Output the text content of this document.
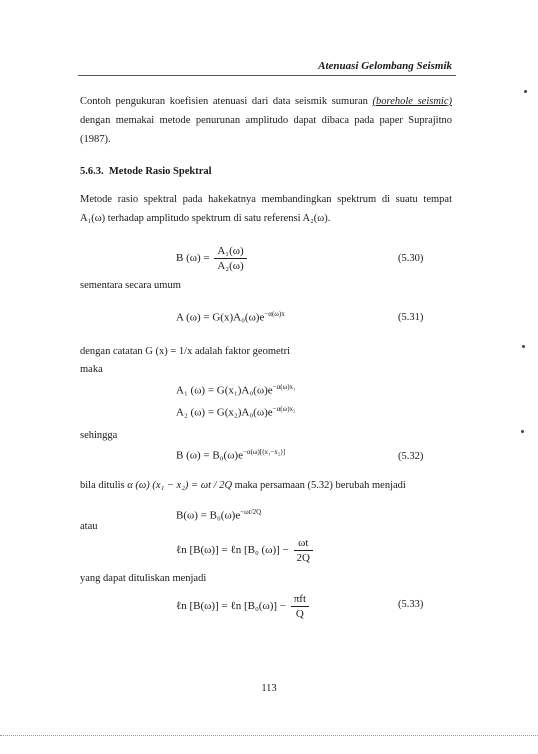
Atenuasi Gelombang Seismik
Contoh pengukuran koefisien atenuasi dari data seismik sumuran (borehole seismic) dengan memakai metode penurunan amplitudo dapat dibaca pada paper Suprajitno (1987).
5.6.3. Metode Rasio Spektral
Metode rasio spektral pada hakekatnya membandingkan spektrum di suatu tempat A₁(ω) terhadap amplitudo spektrum di satu referensi A₂(ω).
B $(\omega) = \frac{\text{A₁(ω)}}{\text{A₂(ω)}}$	(5.30)
sementara secara umum
A $(\omega) = G(x)A_0(\omega)e^{-\alpha(\omega)x}$	(5.31)
dengan catatan G (x) = 1/x adalah faktor geometri
maka
A₁ $(\omega) = G(x_1)A_0(\omega)e^{-\alpha(\omega)x_1}$
A₂ $(\omega) = G(x_2)A_0(\omega)e^{-\alpha(\omega)x_2}$
sehingga
B $(\omega) = B_0(\omega)e^{-\alpha(\omega)[(x_1-x_2)]}$	(5.32)
bila ditulis α (ω) (x₁ − x₂) = ωt / 2Q maka persamaan (5.32) berubah menjadi
$B(\omega) = B_0(\omega)e^{-\omega t/2Q}$
atau
ℓn [B(ω)] = ℓn [B₀ $(\omega)] - \frac{\omega t}{2Q}$
yang dapat dituliskan menjadi
ℓn [B(ω)] = ℓn $[B_0(\omega)] - \frac{\text{πft}}{Q}$	(5.33)
113
